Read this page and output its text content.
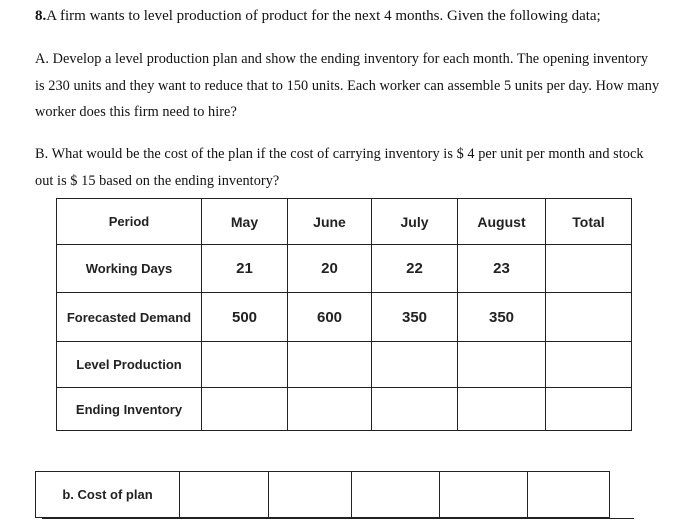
8.A firm wants to level production of product for the next 4 months. Given the following data;
A. Develop a level production plan and show the ending inventory for each month. The opening inventory is 230 units and they want to reduce that to 150 units. Each worker can assemble 5 units per day. How many worker does this firm need to hire?
B. What would be the cost of the plan if the cost of carrying inventory is $ 4 per unit per month and stock out is $ 15 based on the ending inventory?
Period	May	June	July	August	Total
Working Days	21	20	22	23	
Forecasted Demand	500	600	350	350	
Level Production					
Ending Inventory					
b. Cost of plan					
